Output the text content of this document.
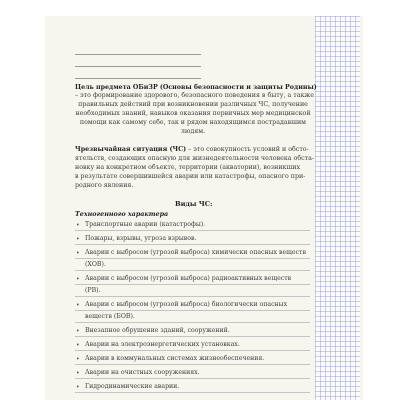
Цель предмета ОБиЗР (Основы безопасности и защиты Родины)
– это формирование здорового, безопасного поведения в быту, а также
правильных действий при возникновении различных ЧС, получение
необходимых знаний, навыков оказания первичных мер медицинской
помощи как самому себе, так и рядом находящимся пострадавшим
людям.
Чрезвычайная ситуация (ЧС) – это совокупность условий и обсто-
ятельств, создающих опасную для жизнедеятельности человека обста-
новку на конкретном объекте, территории (акватории), возникших
в результате совершившейся аварии или катастрофы, опасного при-
родного явления.
Виды ЧС:
Техногенного характера
• Транспортные аварии (катастрофы).
• Пожары, взрывы, угроза взрывов.
• Аварии с выбросом (угрозой выброса) химически опасных веществ
(ХОВ).
• Аварии с выбросом (угрозой выброса) радиоактивных веществ
(РВ).
• Аварии с выбросом (угрозой выброса) биологически опасных
веществ (БОВ).
• Внезапное обрушение зданий, сооружений.
• Аварии на электроэнергетических установках.
• Аварии в коммунальных системах жизнеобеспечения.
• Аварии на очистных сооружениях.
• Гидродинамические аварии.
